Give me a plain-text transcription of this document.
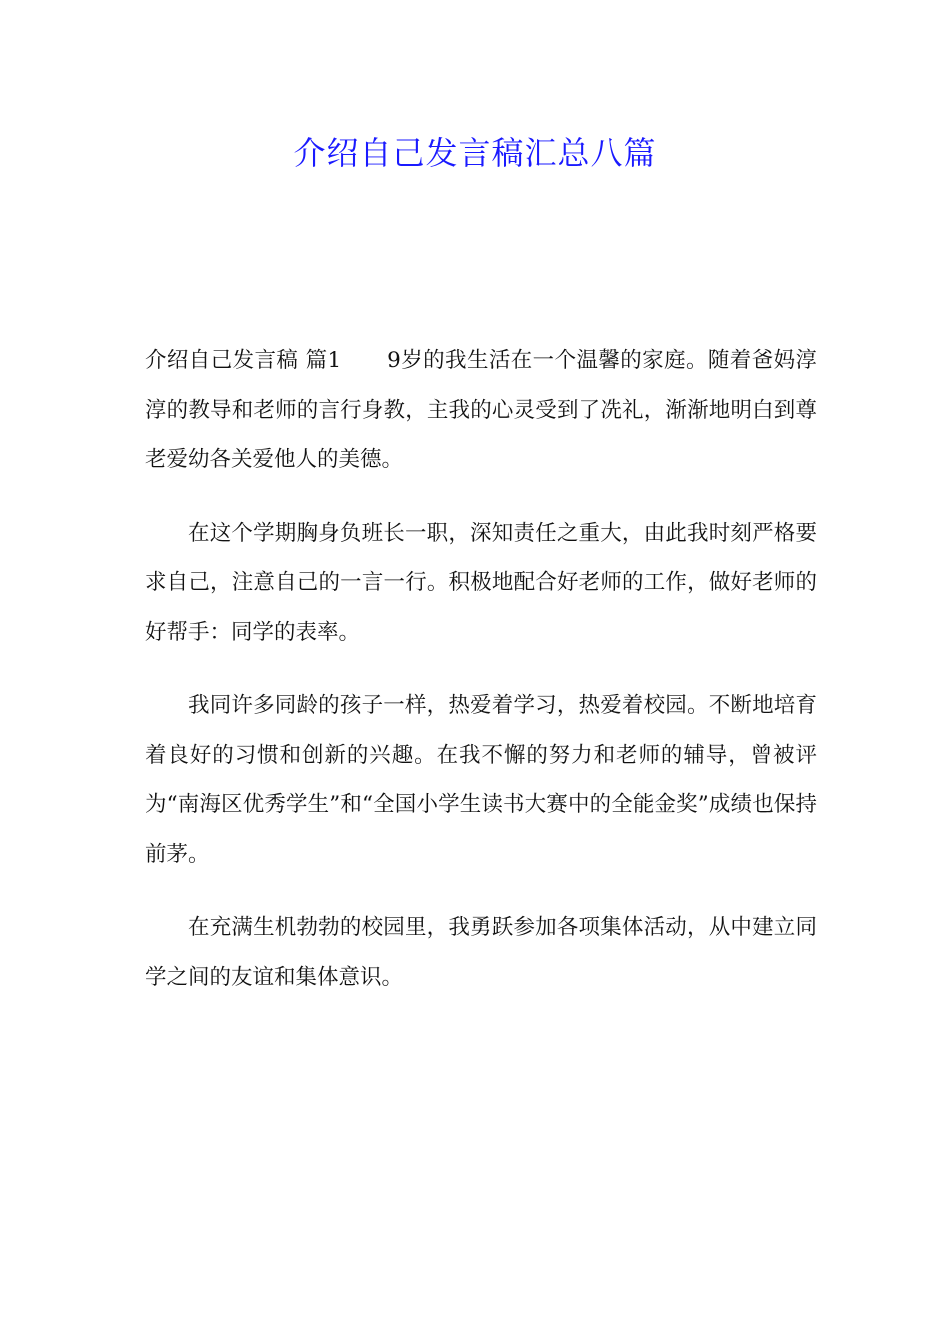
介绍自己发言稿汇总八篇

介绍自己发言稿 篇1 9岁的我生活在一个温馨的家庭。随着爸妈淳淳的教导和老师的言行身教，主我的心灵受到了冼礼，渐渐地明白到尊老爱幼各关爱他人的美德。

在这个学期胸身负班长一职，深知责任之重大，由此我时刻严格要求自己，注意自己的一言一行。积极地配合好老师的工作，做好老师的好帮手：同学的表率。

我同许多同龄的孩子一样，热爱着学习，热爱着校园。不断地培育着良好的习惯和创新的兴趣。在我不懈的努力和老师的辅导，曾被评为“南海区优秀学生”和“全国小学生读书大赛中的全能金奖”成绩也保持前茅。

在充满生机勃勃的校园里，我勇跃参加各项集体活动，从中建立同学之间的友谊和集体意识。
